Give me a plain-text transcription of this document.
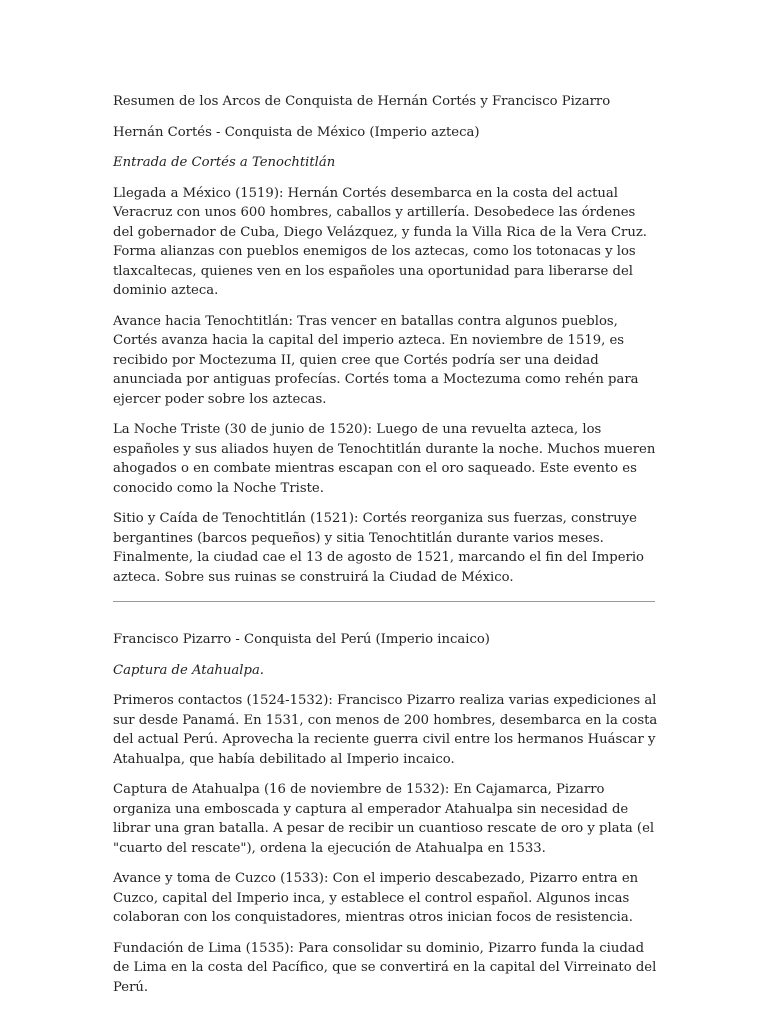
Resumen de los Arcos de Conquista de Hernán Cortés y Francisco Pizarro

Hernán Cortés - Conquista de México (Imperio azteca)

Entrada de Cortés a Tenochtitlán

Llegada a México (1519): Hernán Cortés desembarca en la costa del actual Veracruz con unos 600 hombres, caballos y artillería. Desobedece las órdenes del gobernador de Cuba, Diego Velázquez, y funda la Villa Rica de la Vera Cruz. Forma alianzas con pueblos enemigos de los aztecas, como los totonacas y los tlaxcaltecas, quienes ven en los españoles una oportunidad para liberarse del dominio azteca.

Avance hacia Tenochtitlán: Tras vencer en batallas contra algunos pueblos, Cortés avanza hacia la capital del imperio azteca. En noviembre de 1519, es recibido por Moctezuma II, quien cree que Cortés podría ser una deidad anunciada por antiguas profecías. Cortés toma a Moctezuma como rehén para ejercer poder sobre los aztecas.

La Noche Triste (30 de junio de 1520): Luego de una revuelta azteca, los españoles y sus aliados huyen de Tenochtitlán durante la noche. Muchos mueren ahogados o en combate mientras escapan con el oro saqueado. Este evento es conocido como la Noche Triste.

Sitio y Caída de Tenochtitlán (1521): Cortés reorganiza sus fuerzas, construye bergantines (barcos pequeños) y sitia Tenochtitlán durante varios meses. Finalmente, la ciudad cae el 13 de agosto de 1521, marcando el fin del Imperio azteca. Sobre sus ruinas se construirá la Ciudad de México.

Francisco Pizarro - Conquista del Perú (Imperio incaico)

Captura de Atahualpa.

Primeros contactos (1524-1532): Francisco Pizarro realiza varias expediciones al sur desde Panamá. En 1531, con menos de 200 hombres, desembarca en la costa del actual Perú. Aprovecha la reciente guerra civil entre los hermanos Huáscar y Atahualpa, que había debilitado al Imperio incaico.

Captura de Atahualpa (16 de noviembre de 1532): En Cajamarca, Pizarro organiza una emboscada y captura al emperador Atahualpa sin necesidad de librar una gran batalla. A pesar de recibir un cuantioso rescate de oro y plata (el "cuarto del rescate"), ordena la ejecución de Atahualpa en 1533.

Avance y toma de Cuzco (1533): Con el imperio descabezado, Pizarro entra en Cuzco, capital del Imperio inca, y establece el control español. Algunos incas colaboran con los conquistadores, mientras otros inician focos de resistencia.

Fundación de Lima (1535): Para consolidar su dominio, Pizarro funda la ciudad de Lima en la costa del Pacífico, que se convertirá en la capital del Virreinato del Perú.
